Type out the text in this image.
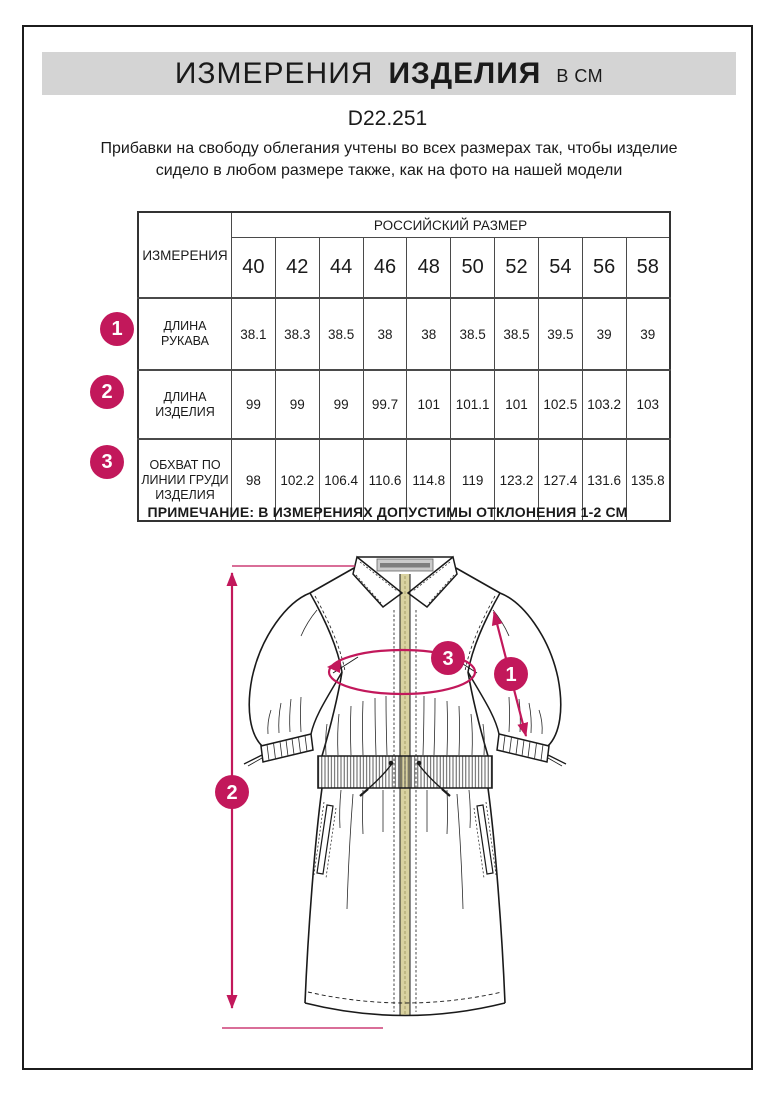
ИЗМЕРЕНИЯ ИЗДЕЛИЯ В СМ
D22.251
Прибавки на свободу облегания учтены во всех размерах так, чтобы изделие сидело в любом размере также, как на фото на нашей модели
ИЗМЕРЕНИЯ	РОССИЙСКИЙ РАЗМЕР									
	40	42	44	46	48	50	52	54	56	58
ДЛИНА РУКАВА	38.1	38.3	38.5	38	38	38.5	38.5	39.5	39	39
ДЛИНА ИЗДЕЛИЯ	99	99	99	99.7	101	101.1	101	102.5	103.2	103
ОБХВАТ ПО ЛИНИИ ГРУДИ ИЗДЕЛИЯ	98	102.2	106.4	110.6	114.8	119	123.2	127.4	131.6	135.8
1
2
3
ПРИМЕЧАНИЕ: В ИЗМЕРЕНИЯХ ДОПУСТИМЫ ОТКЛОНЕНИЯ 1-2 СМ
2
1
3
